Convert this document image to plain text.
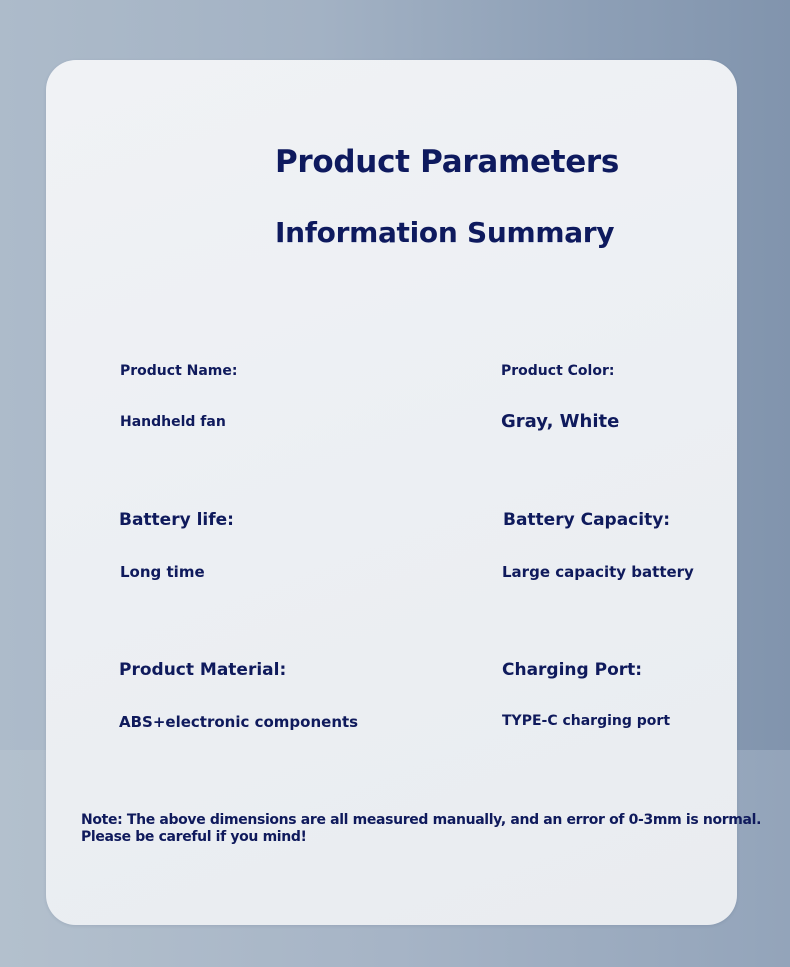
Product Parameters
Information Summary

Product Name:

Handheld fan

Product Color:

Gray, White

Battery life:

Long time

Battery Capacity:

Large capacity battery

Product Material:

ABS+electronic components

Charging Port:

TYPE-C charging port

Note: The above dimensions are all measured manually, and an error of 0-3mm is normal.
Please be careful if you mind!
